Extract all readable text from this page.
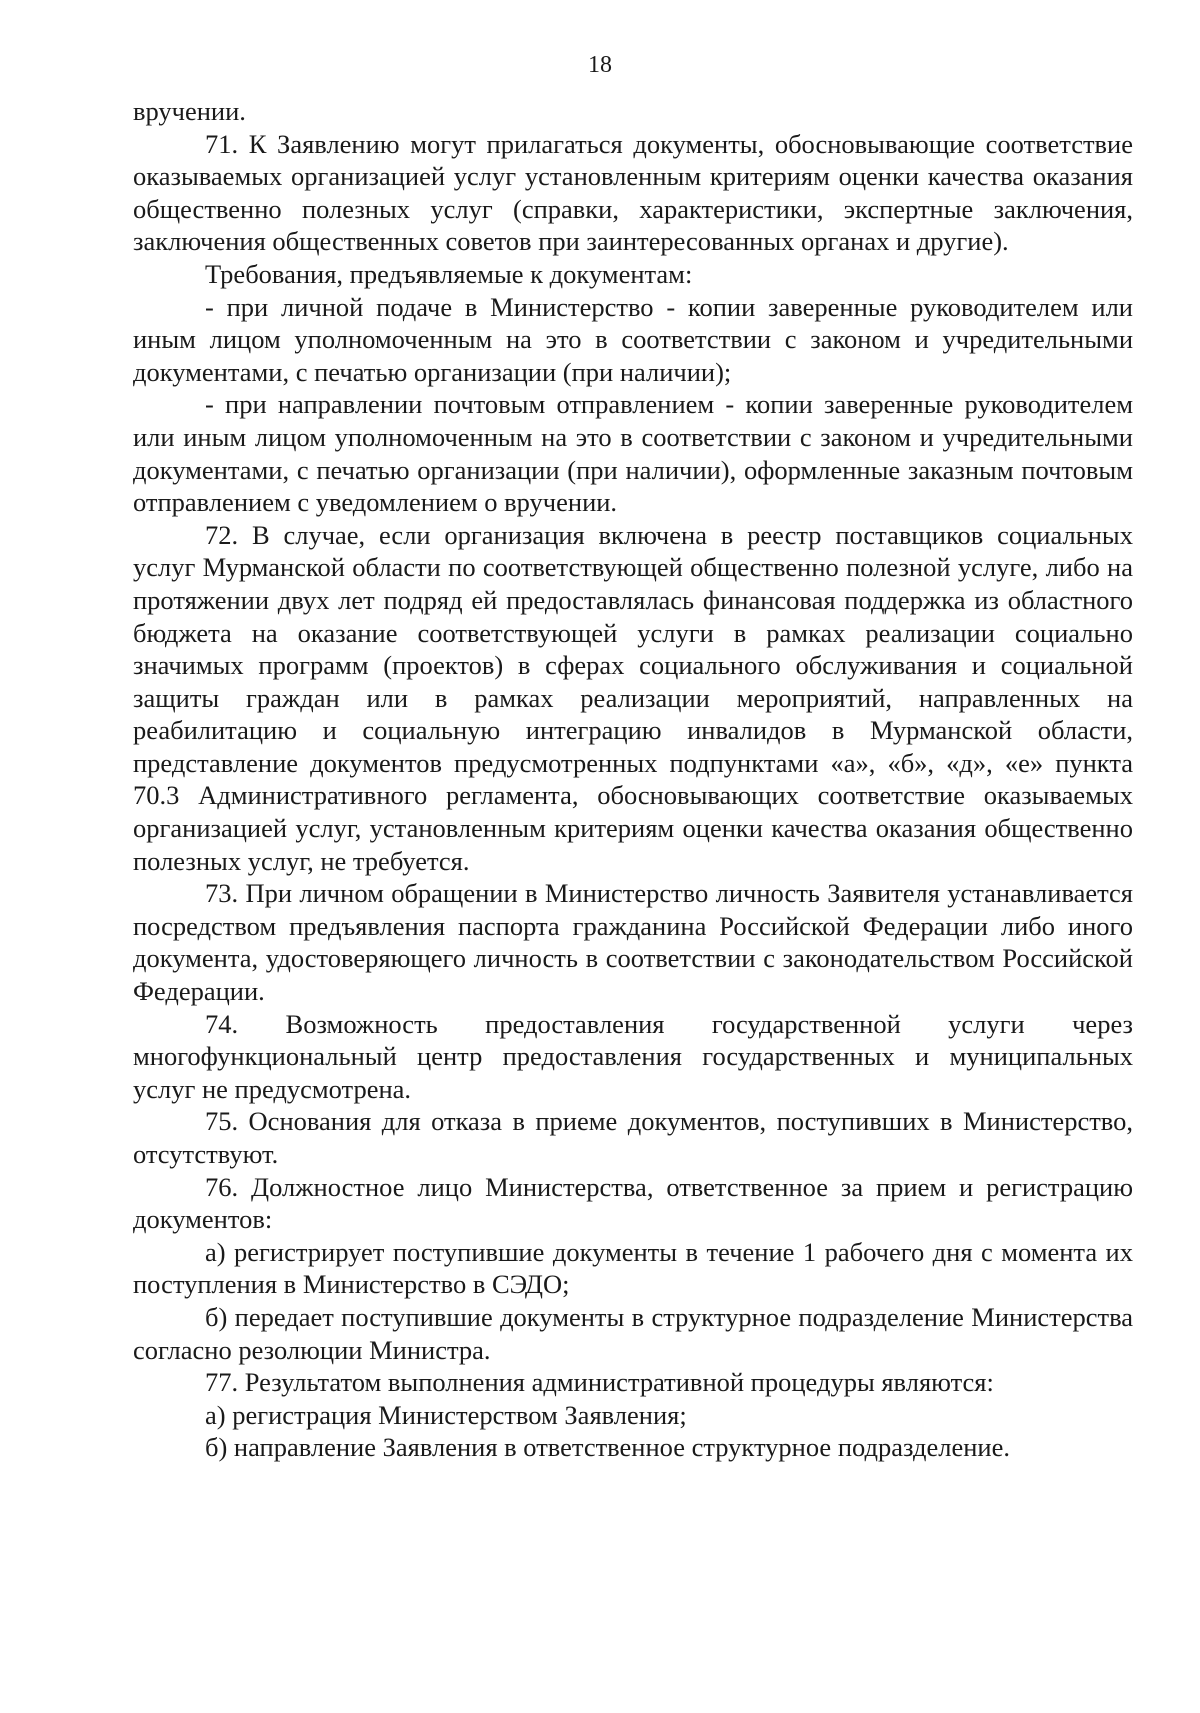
18

вручении.

71. К Заявлению могут прилагаться документы, обосновывающие соответствие оказываемых организацией услуг установленным критериям оценки качества оказания общественно полезных услуг (справки, характеристики, экспертные заключения, заключения общественных советов при заинтересованных органах и другие).

Требования, предъявляемые к документам:

- при личной подаче в Министерство - копии заверенные руководителем или иным лицом уполномоченным на это в соответствии с законом и учредительными документами, с печатью организации (при наличии);

- при направлении почтовым отправлением - копии заверенные руководителем или иным лицом уполномоченным на это в соответствии с законом и учредительными документами, с печатью организации (при наличии), оформленные заказным почтовым отправлением с уведомлением о вручении.

72. В случае, если организация включена в реестр поставщиков социальных услуг Мурманской области по соответствующей общественно полезной услуге, либо на протяжении двух лет подряд ей предоставлялась финансовая поддержка из областного бюджета на оказание соответствующей услуги в рамках реализации социально значимых программ (проектов) в сферах социального обслуживания и социальной защиты граждан или в рамках реализации мероприятий, направленных на реабилитацию и социальную интеграцию инвалидов в Мурманской области, представление документов предусмотренных подпунктами «а», «б», «д», «е» пункта 70.3 Административного регламента, обосновывающих соответствие оказываемых организацией услуг, установленным критериям оценки качества оказания общественно полезных услуг, не требуется.

73. При личном обращении в Министерство личность Заявителя устанавливается посредством предъявления паспорта гражданина Российской Федерации либо иного документа, удостоверяющего личность в соответствии с законодательством Российской Федерации.

74. Возможность предоставления государственной услуги через многофункциональный центр предоставления государственных и муниципальных услуг не предусмотрена.

75. Основания для отказа в приеме документов, поступивших в Министерство, отсутствуют.

76. Должностное лицо Министерства, ответственное за прием и регистрацию документов:

а) регистрирует поступившие документы в течение 1 рабочего дня с момента их поступления в Министерство в СЭДО;

б) передает поступившие документы в структурное подразделение Министерства согласно резолюции Министра.

77. Результатом выполнения административной процедуры являются:

а) регистрация Министерством Заявления;

б) направление Заявления в ответственное структурное подразделение.
